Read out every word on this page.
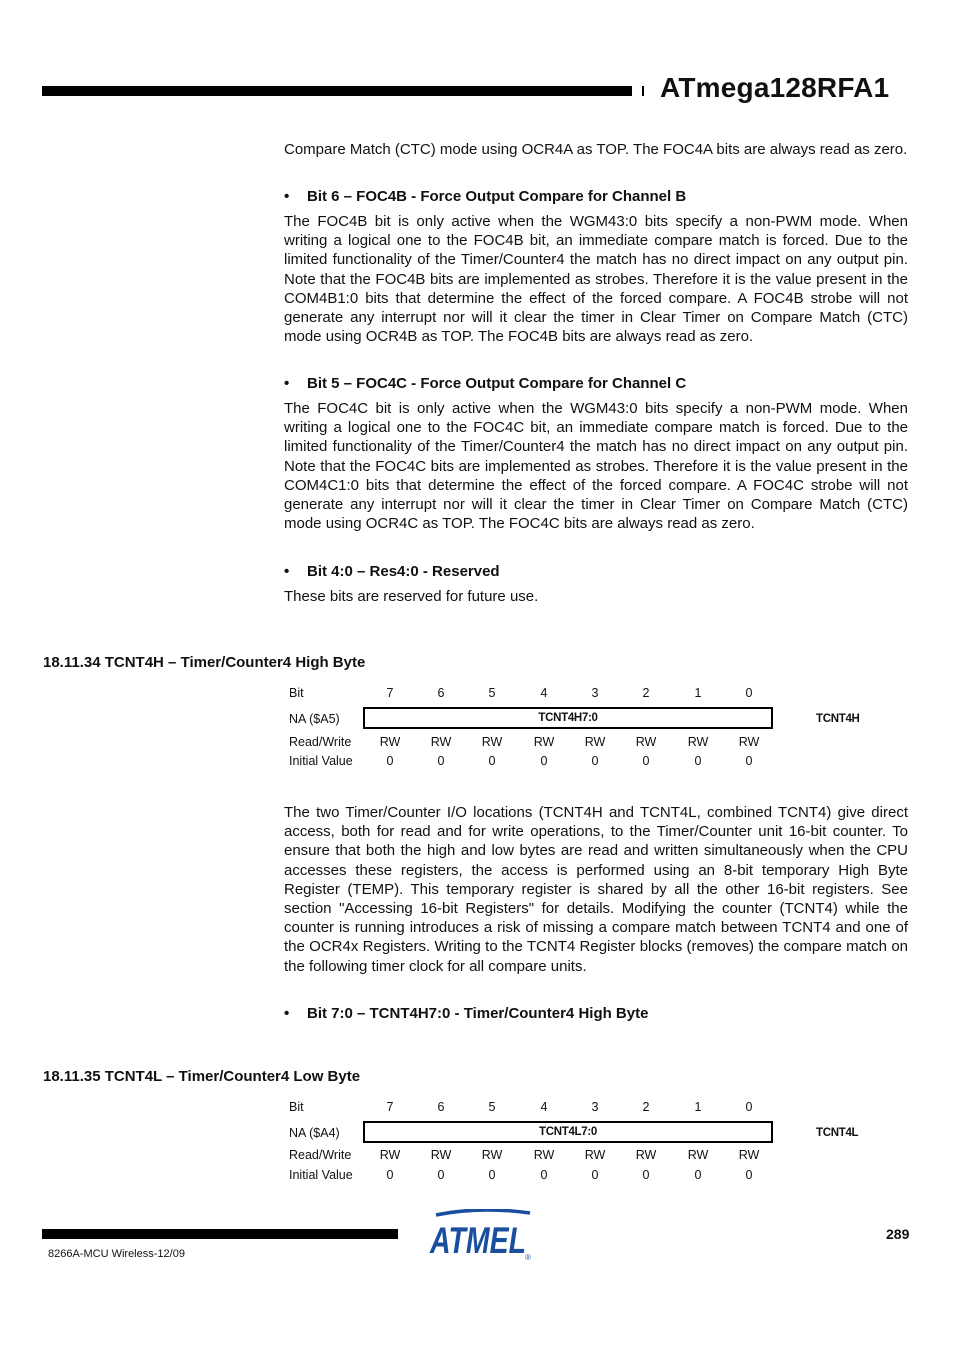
ATmega128RFA1

Compare Match (CTC) mode using OCR4A as TOP. The FOC4A bits are always read as zero.

• Bit 6 – FOC4B - Force Output Compare for Channel B

The FOC4B bit is only active when the WGM43:0 bits specify a non-PWM mode. When writing a logical one to the FOC4B bit, an immediate compare match is forced. Due to the limited functionality of the Timer/Counter4 the match has no direct impact on any output pin. Note that the FOC4B bits are implemented as strobes. Therefore it is the value present in the COM4B1:0 bits that determine the effect of the forced compare. A FOC4B strobe will not generate any interrupt nor will it clear the timer in Clear Timer on Compare Match (CTC) mode using OCR4B as TOP. The FOC4B bits are always read as zero.

• Bit 5 – FOC4C - Force Output Compare for Channel C

The FOC4C bit is only active when the WGM43:0 bits specify a non-PWM mode. When writing a logical one to the FOC4C bit, an immediate compare match is forced. Due to the limited functionality of the Timer/Counter4 the match has no direct impact on any output pin. Note that the FOC4C bits are implemented as strobes. Therefore it is the value present in the COM4C1:0 bits that determine the effect of the forced compare. A FOC4C strobe will not generate any interrupt nor will it clear the timer in Clear Timer on Compare Match (CTC) mode using OCR4C as TOP. The FOC4C bits are always read as zero.

• Bit 4:0 – Res4:0 - Reserved

These bits are reserved for future use.

18.11.34 TCNT4H – Timer/Counter4 High Byte
Bit	7	6	5	4	3	2	1	0
NA ($A5)	TCNT4H7:0	TCNT4H
Read/Write	RW	RW	RW	RW	RW	RW	RW	RW
Initial Value	0	0	0	0	0	0	0	0

The two Timer/Counter I/O locations (TCNT4H and TCNT4L, combined TCNT4) give direct access, both for read and for write operations, to the Timer/Counter unit 16-bit counter. To ensure that both the high and low bytes are read and written simultaneously when the CPU accesses these registers, the access is performed using an 8-bit temporary High Byte Register (TEMP). This temporary register is shared by all the other 16-bit registers. See section "Accessing 16-bit Registers" for details. Modifying the counter (TCNT4) while the counter is running introduces a risk of missing a compare match between TCNT4 and one of the OCR4x Registers. Writing to the TCNT4 Register blocks (removes) the compare match on the following timer clock for all compare units.

• Bit 7:0 – TCNT4H7:0 - Timer/Counter4 High Byte
18.11.35 TCNT4L – Timer/Counter4 Low Byte
Bit	7	6	5	4	3	2	1	0
NA ($A4)	TCNT4L7:0	TCNT4L
Read/Write	RW	RW	RW	RW	RW	RW	RW	RW
Initial Value	0	0	0	0	0	0	0	0
ATMEL ®
289
8266A-MCU Wireless-12/09
